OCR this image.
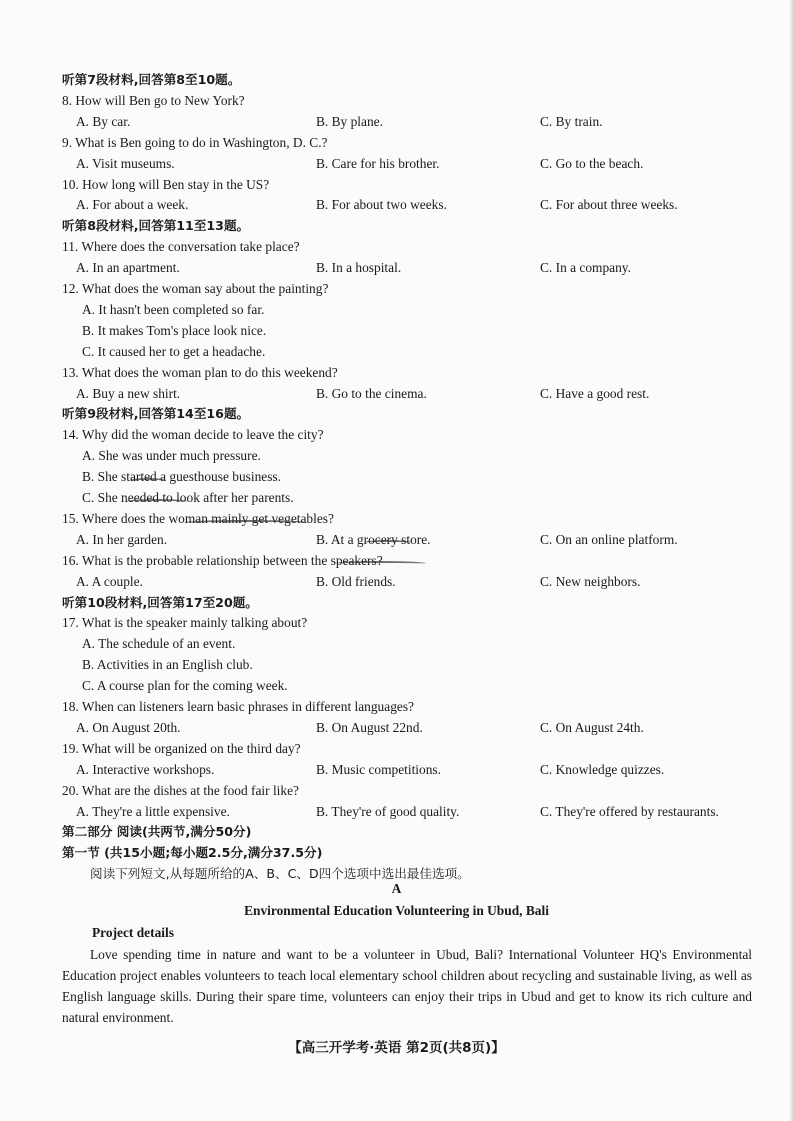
听第7段材料,回答第8至10题。
8. How will Ben go to New York?
A. By car.	B. By plane.	C. By train.
9. What is Ben going to do in Washington, D. C.?
A. Visit museums.	B. Care for his brother.	C. Go to the beach.
10. How long will Ben stay in the US?
A. For about a week.	B. For about two weeks.	C. For about three weeks.
听第8段材料,回答第11至13题。
11. Where does the conversation take place?
A. In an apartment.	B. In a hospital.	C. In a company.
12. What does the woman say about the painting?
A. It hasn't been completed so far.
B. It makes Tom's place look nice.
C. It caused her to get a headache.
13. What does the woman plan to do this weekend?
A. Buy a new shirt.	B. Go to the cinema.	C. Have a good rest.
听第9段材料,回答第14至16题。
14. Why did the woman decide to leave the city?
A. She was under much pressure.
B. She started a guesthouse business.
C. She needed to look after her parents.
15. Where does the woman mainly get vegetables?
A. In her garden.	B. At a grocery store.	C. On an online platform.
16. What is the probable relationship between the speakers?
A. A couple.	B. Old friends.	C. New neighbors.
听第10段材料,回答第17至20题。
17. What is the speaker mainly talking about?
A. The schedule of an event.
B. Activities in an English club.
C. A course plan for the coming week.
18. When can listeners learn basic phrases in different languages?
A. On August 20th.	B. On August 22nd.	C. On August 24th.
19. What will be organized on the third day?
A. Interactive workshops.	B. Music competitions.	C. Knowledge quizzes.
20. What are the dishes at the food fair like?
A. They're a little expensive.	B. They're of good quality.	C. They're offered by restaurants.
第二部分 阅读(共两节,满分50分)
第一节 (共15小题;每小题2.5分,满分37.5分)
阅读下列短文,从每题所给的A、B、C、D四个选项中选出最佳选项。
A
Environmental Education Volunteering in Ubud, Bali
Project details
Love spending time in nature and want to be a volunteer in Ubud, Bali? International Volunteer HQ's Environmental Education project enables volunteers to teach local elementary school children about recycling and sustainable living, as well as English language skills. During their spare time, volunteers can enjoy their trips in Ubud and get to know its rich culture and natural environment.
【高三开学考·英语 第2页(共8页)】
